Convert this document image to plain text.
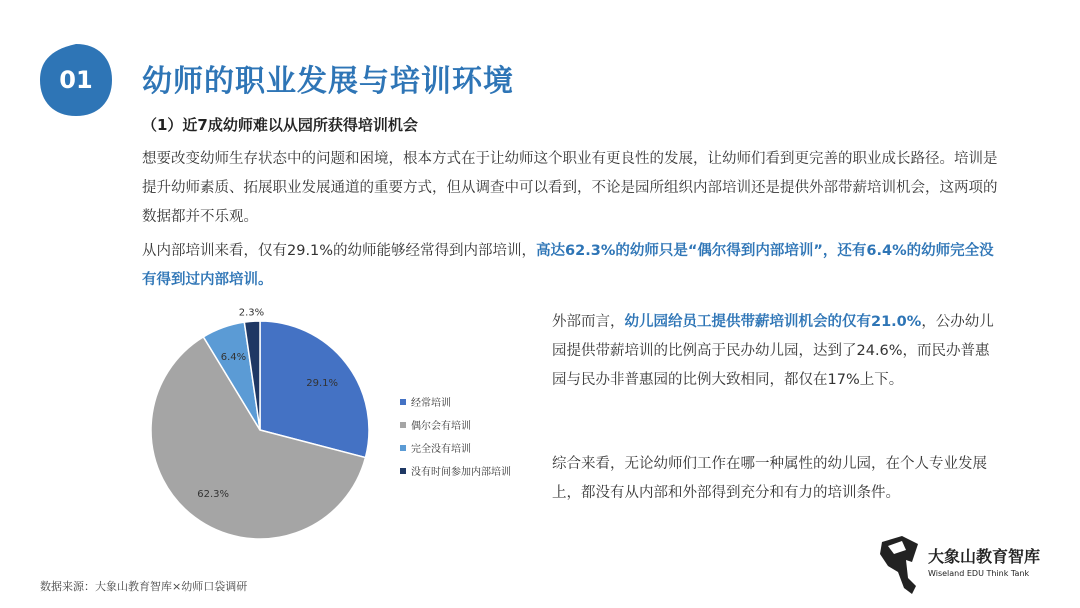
01	幼师的职业发展与培训环境
（1）近7成幼师难以从园所获得培训机会
想要改变幼师生存状态中的问题和困境，根本方式在于让幼师这个职业有更良性的发展，让幼师们看到更完善的职业成长路径。培训是提升幼师素质、拓展职业发展通道的重要方式，但从调查中可以看到，不论是园所组织内部培训还是提供外部带薪培训机会，这两项的数据都并不乐观。
从内部培训来看，仅有29.1%的幼师能够经常得到内部培训，高达62.3%的幼师只是“偶尔得到内部培训”，还有6.4%的幼师完全没有得到过内部培训。
29.1%
62.3%
6.4%
2.3%
经常培训
偶尔会有培训
完全没有培训
没有时间参加内部培训
外部而言，幼儿园给员工提供带薪培训机会的仅有21.0%，公办幼儿园提供带薪培训的比例高于民办幼儿园，达到了24.6%，而民办普惠园与民办非普惠园的比例大致相同，都仅在17%上下。
综合来看，无论幼师们工作在哪一种属性的幼儿园，在个人专业发展上，都没有从内部和外部得到充分和有力的培训条件。
数据来源：大象山教育智库×幼师口袋调研
大象山教育智库
Wiseland EDU Think Tank
